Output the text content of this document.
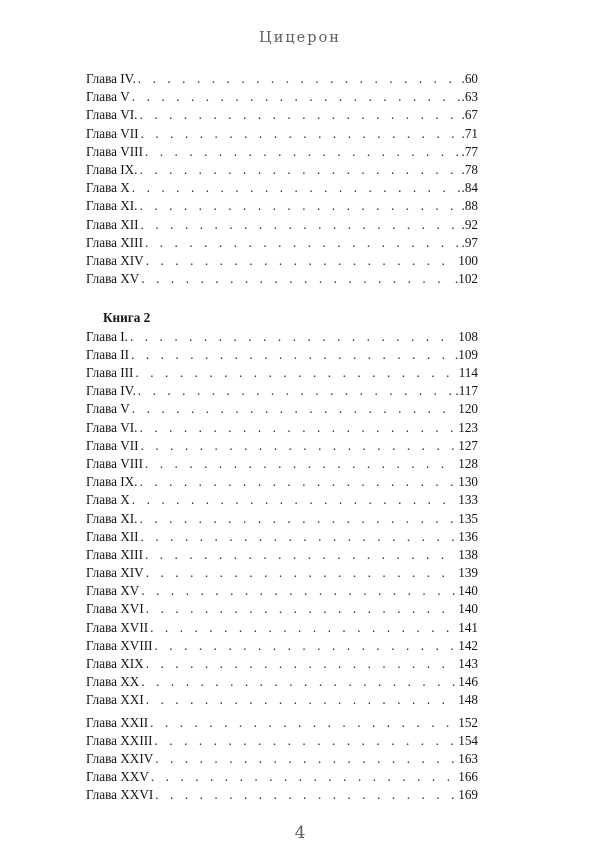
Цицерон
Глава IV. . . .	.60
Глава V . . .	.63
Глава VI. . . .	.67
Глава VII . . .	.71
Глава VIII . . .	.77
Глава IX. . . .	.78
Глава X . . .	.84
Глава XI. . . .	.88
Глава XII . . .	.92
Глава XIII . . .	.97
Глава XIV . . .	100
Глава XV . . .	.102
Книга 2
Глава I. . . .	108
Глава II . . .	.109
Глава III . . .	114
Глава IV. . . .	.117
Глава V . . .	120
Глава VI. . . .	123
Глава VII . . .	127
Глава VIII . . .	128
Глава IX. . . .	130
Глава X . . .	133
Глава XI. . . .	135
Глава XII . . .	136
Глава XIII . . .	138
Глава XIV . . .	139
Глава XV . . .	140
Глава XVI . . .	140
Глава XVII . . .	141
Глава XVIII . . .	142
Глава XIX . . .	143
Глава XX . . .	146
Глава XXI . . .	148
Глава XXII . . .	152
Глава XXIII . . .	154
Глава XXIV . . .	163
Глава XXV . . .	166
Глава XXVI . . .	169
4
